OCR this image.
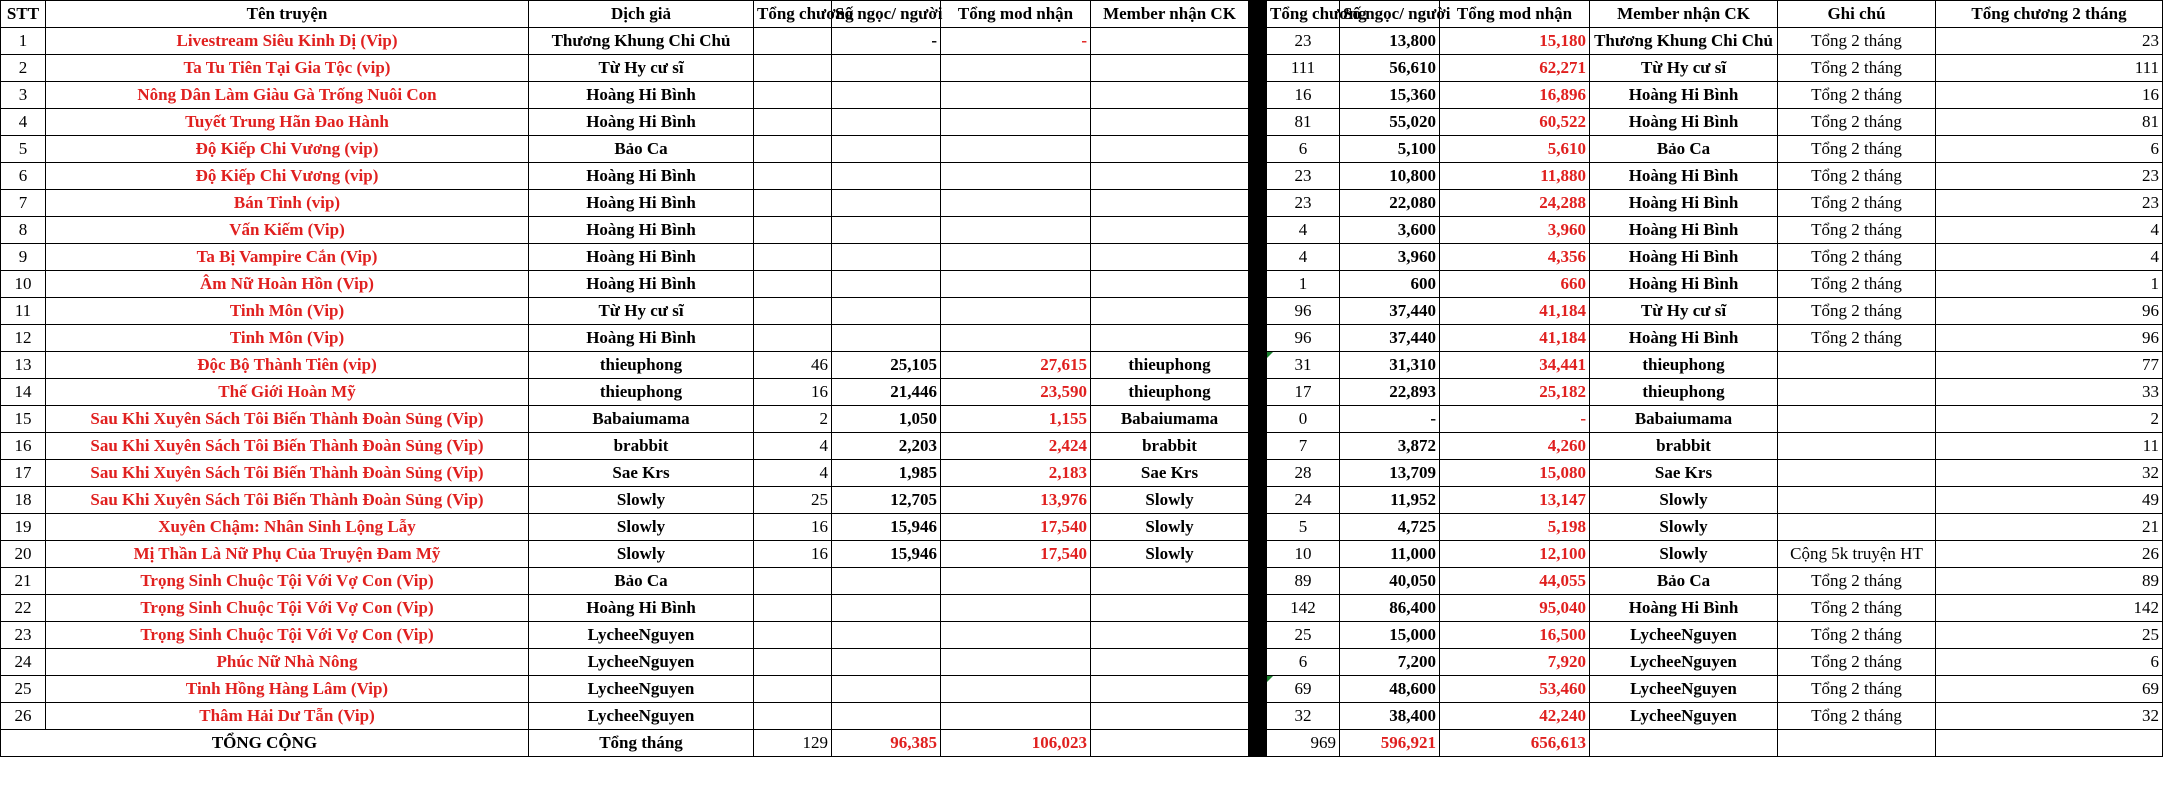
STT	Tên truyện	Dịch giả	Tổng chương	Số ngọc/ người	Tổng mod nhận	Member nhận CK		Tổng chương	Số ngọc/ người	Tổng mod nhận	Member nhận CK	Ghi chú	Tổng chương 2 tháng
1	Livestream Siêu Kinh Dị (Vip)	Thương Khung Chi Chủ		-	-			23	13,800	15,180	Thương Khung Chi Chủ	Tổng 2 tháng	23
2	Ta Tu Tiên Tại Gia Tộc (vip)	Từ Hy cư sĩ						111	56,610	62,271	Từ Hy cư sĩ	Tổng 2 tháng	111
3	Nông Dân Làm Giàu Gà Trống Nuôi Con	Hoàng Hi Bình						16	15,360	16,896	Hoàng Hi Bình	Tổng 2 tháng	16
4	Tuyết Trung Hãn Đao Hành	Hoàng Hi Bình						81	55,020	60,522	Hoàng Hi Bình	Tổng 2 tháng	81
5	Độ Kiếp Chi Vương (vip)	Bảo Ca						6	5,100	5,610	Bảo Ca	Tổng 2 tháng	6
6	Độ Kiếp Chi Vương (vip)	Hoàng Hi Bình						23	10,800	11,880	Hoàng Hi Bình	Tổng 2 tháng	23
7	Bán Tinh (vip)	Hoàng Hi Bình						23	22,080	24,288	Hoàng Hi Bình	Tổng 2 tháng	23
8	Vấn Kiếm (Vip)	Hoàng Hi Bình						4	3,600	3,960	Hoàng Hi Bình	Tổng 2 tháng	4
9	Ta Bị Vampire Cắn (Vip)	Hoàng Hi Bình						4	3,960	4,356	Hoàng Hi Bình	Tổng 2 tháng	4
10	Âm Nữ Hoàn Hồn (Vip)	Hoàng Hi Bình						1	600	660	Hoàng Hi Bình	Tổng 2 tháng	1
11	Tinh Môn (Vip)	Từ Hy cư sĩ						96	37,440	41,184	Từ Hy cư sĩ	Tổng 2 tháng	96
12	Tinh Môn (Vip)	Hoàng Hi Bình						96	37,440	41,184	Hoàng Hi Bình	Tổng 2 tháng	96
13	Độc Bộ Thành Tiên (vip)	thieuphong	46	25,105	27,615	thieuphong		31	31,310	34,441	thieuphong		77
14	Thế Giới Hoàn Mỹ	thieuphong	16	21,446	23,590	thieuphong		17	22,893	25,182	thieuphong		33
15	Sau Khi Xuyên Sách Tôi Biến Thành Đoàn Sủng (Vip)	Babaiumama	2	1,050	1,155	Babaiumama		0	-	-	Babaiumama		2
16	Sau Khi Xuyên Sách Tôi Biến Thành Đoàn Sủng (Vip)	brabbit	4	2,203	2,424	brabbit		7	3,872	4,260	brabbit		11
17	Sau Khi Xuyên Sách Tôi Biến Thành Đoàn Sủng (Vip)	Sae Krs	4	1,985	2,183	Sae Krs		28	13,709	15,080	Sae Krs		32
18	Sau Khi Xuyên Sách Tôi Biến Thành Đoàn Sủng (Vip)	Slowly	25	12,705	13,976	Slowly		24	11,952	13,147	Slowly		49
19	Xuyên Chậm: Nhân Sinh Lộng Lẫy	Slowly	16	15,946	17,540	Slowly		5	4,725	5,198	Slowly		21
20	Mị Thần Là Nữ Phụ Của Truyện Đam Mỹ	Slowly	16	15,946	17,540	Slowly		10	11,000	12,100	Slowly	Cộng 5k truyện HT	26
21	Trọng Sinh Chuộc Tội Với Vợ Con (Vip)	Bảo Ca						89	40,050	44,055	Bảo Ca	Tổng 2 tháng	89
22	Trọng Sinh Chuộc Tội Với Vợ Con (Vip)	Hoàng Hi Bình						142	86,400	95,040	Hoàng Hi Bình	Tổng 2 tháng	142
23	Trọng Sinh Chuộc Tội Với Vợ Con (Vip)	LycheeNguyen						25	15,000	16,500	LycheeNguyen	Tổng 2 tháng	25
24	Phúc Nữ Nhà Nông	LycheeNguyen						6	7,200	7,920	LycheeNguyen	Tổng 2 tháng	6
25	Tinh Hồng Hàng Lâm (Vip)	LycheeNguyen						69	48,600	53,460	LycheeNguyen	Tổng 2 tháng	69
26	Thâm Hải Dư Tẫn (Vip)	LycheeNguyen						32	38,400	42,240	LycheeNguyen	Tổng 2 tháng	32
TỔNG CỘNG		Tổng tháng	129	96,385	106,023			969	596,921	656,613			
